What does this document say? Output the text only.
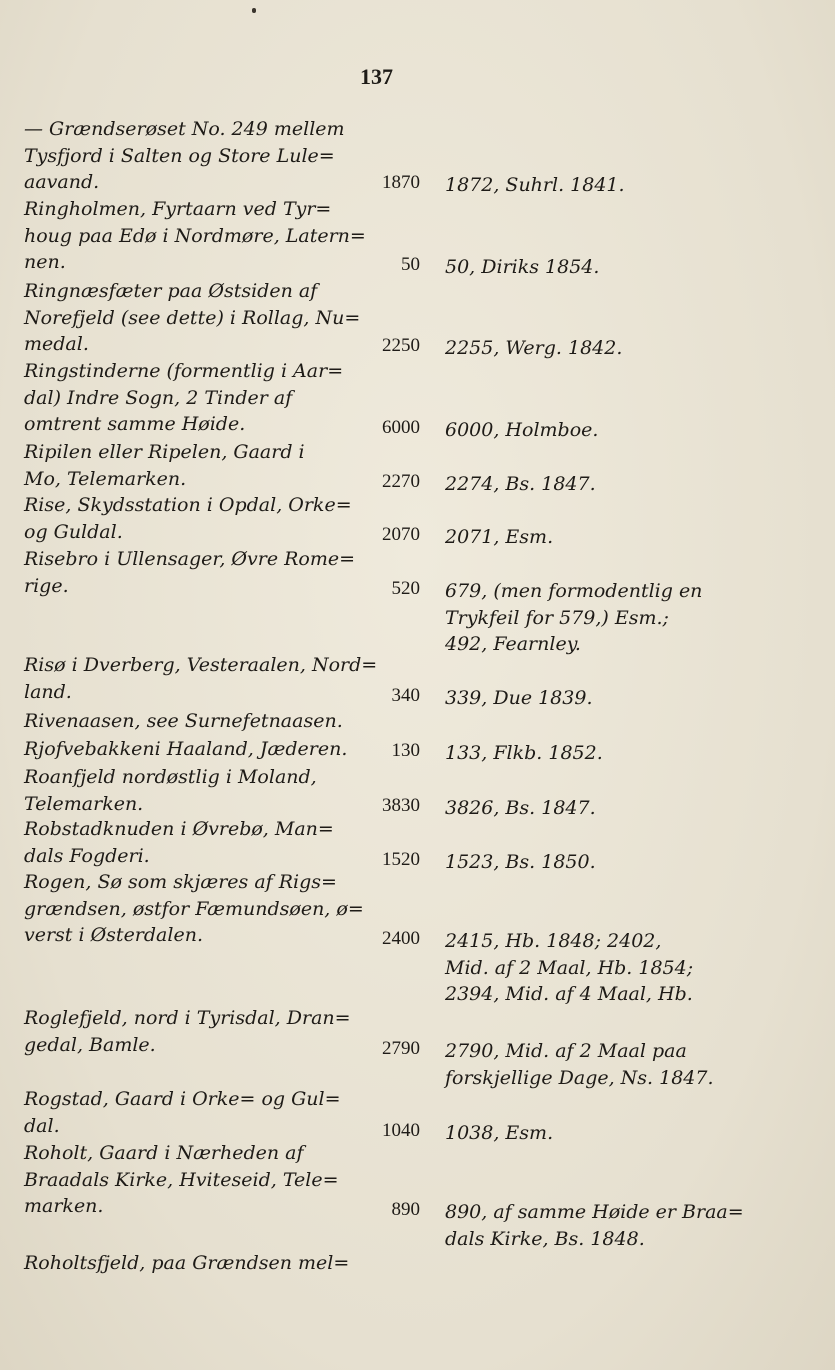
137

— Grændserøset No. 249 mellem

Tysfjord i Salten og Store Lule=

aavand.	1870 1872, Suhrl. 1841.

Ringholmen, Fyrtaarn ved Tyr=

houg paa Edø i Nordmøre, Latern=

nen.	50 50, Diriks 1854.

Ringnæsfæter paa Østsiden af

Norefjeld (see dette) i Rollag, Nu=

medal.	2250 2255, Werg. 1842.

Ringstinderne (formentlig i Aar=

dal) Indre Sogn, 2 Tinder af

omtrent samme Høide.	6000 6000, Holmboe.

Ripilen eller Ripelen, Gaard i

Mo, Telemarken.	2270 2274, Bs. 1847.

Rise, Skydsstation i Opdal, Orke=

og Guldal.	2070 2071, Esm.

Risebro i Ullensager, Øvre Rome=

rige.	520 679, (men formodentlig en

Trykfeil for 579,) Esm.;

492, Fearnley.

Risø i Dverberg, Vesteraalen, Nord=

land.	340 339, Due 1839.

Rivenaasen, see Surnefetnaasen.

Rjofvebakkeni Haaland, Jæderen.	130 133, Flkb. 1852.

Roanfjeld nordøstlig i Moland,

Telemarken.	3830 3826, Bs. 1847.

Robstadknuden i Øvrebø, Man=

dals Fogderi.	1520 1523, Bs. 1850.

Rogen, Sø som skjæres af Rigs=

grændsen, østfor Fæmundsøen, ø=

verst i Østerdalen.	2400 2415, Hb. 1848; 2402,

Mid. af 2 Maal, Hb. 1854;

2394, Mid. af 4 Maal, Hb.

Roglefjeld, nord i Tyrisdal, Dran=

gedal, Bamle.	2790 2790, Mid. af 2 Maal paa

forskjellige Dage, Ns. 1847.

Rogstad, Gaard i Orke= og Gul=

dal.	1040 1038, Esm.

Roholt, Gaard i Nærheden af

Braadals Kirke, Hviteseid, Tele=

marken.	890 890, af samme Høide er Braa=

dals Kirke, Bs. 1848.

Roholtsfjeld, paa Grændsen mel=
